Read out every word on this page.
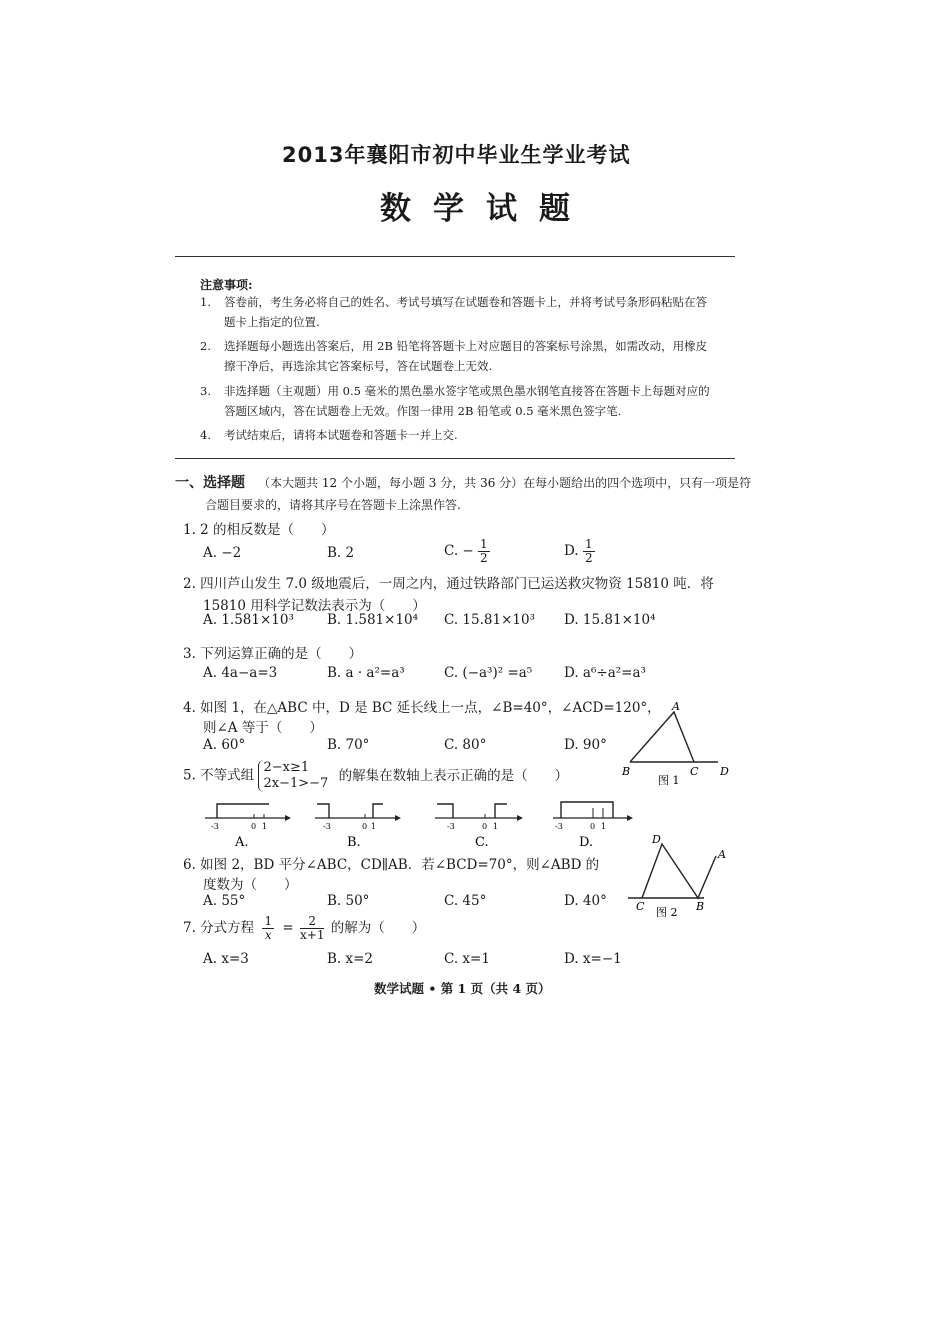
2013年襄阳市初中毕业生学业考试
数学试题
注意事项:
1. 答卷前，考生务必将自己的姓名、考试号填写在试题卷和答题卡上，并将考试号条形码粘贴在答
题卡上指定的位置.
2. 选择题每小题选出答案后，用 2B 铅笔将答题卡上对应题目的答案标号涂黑，如需改动，用橡皮
擦干净后，再选涂其它答案标号，答在试题卷上无效.
3. 非选择题（主观题）用 0.5 毫米的黑色墨水签字笔或黑色墨水钢笔直接答在答题卡上每题对应的
答题区域内，答在试题卷上无效。作图一律用 2B 铅笔或 0.5 毫米黑色签字笔.
4. 考试结束后，请将本试题卷和答题卡一并上交.
一、选择题 （本大题共 12 个小题，每小题 3 分，共 36 分）在每小题给出的四个选项中，只有一项是符
合题目要求的，请将其序号在答题卡上涂黑作答.
1. 2 的相反数是（　　）
A. −2	B. 2	C. − $\frac{1}{2}$	D. $\frac{1}{2}$
2. 四川芦山发生 7.0 级地震后，一周之内，通过铁路部门已运送救灾物资 15810 吨．将
15810 用科学记数法表示为（　　）
A. 1.581×10³ B. 1.581×10⁴ C. 15.81×10³ D. 15.81×10⁴
3. 下列运算正确的是（　　）
A. 4a−a=3	B. a · a²=a³	C. (−a³)² =a⁵ D. a⁶÷a²=a³
4. 如图 1，在△ABC 中，D 是 BC 延长线上一点，∠B=40°，∠ACD=120°，
则∠A 等于（　　）
A. 60°	B. 70°	C. 80°	D. 90°
A
B	C D
图 1
5. 不等式组 2−x≥1
2x−1>−7 的解集在数轴上表示正确的是（　　）
-3	0 1	-3	0 1	-3	0 1	-3	0 1
A.	B.	C.	D.
6. 如图 2，BD 平分∠ABC，CD∥AB．若∠BCD=70°，则∠ABD 的
度数为（　　）
A. 55°	B. 50°	C. 45°	D. 40°
D
A
C	B
图 2
7. 分式方程 $\frac{1}{x} = \frac{2}{x+1}$ 的解为（　　）
A. x=3	B. x=2	C. x=1	D. x=−1
数学试题 • 第 1 页（共 4 页）
